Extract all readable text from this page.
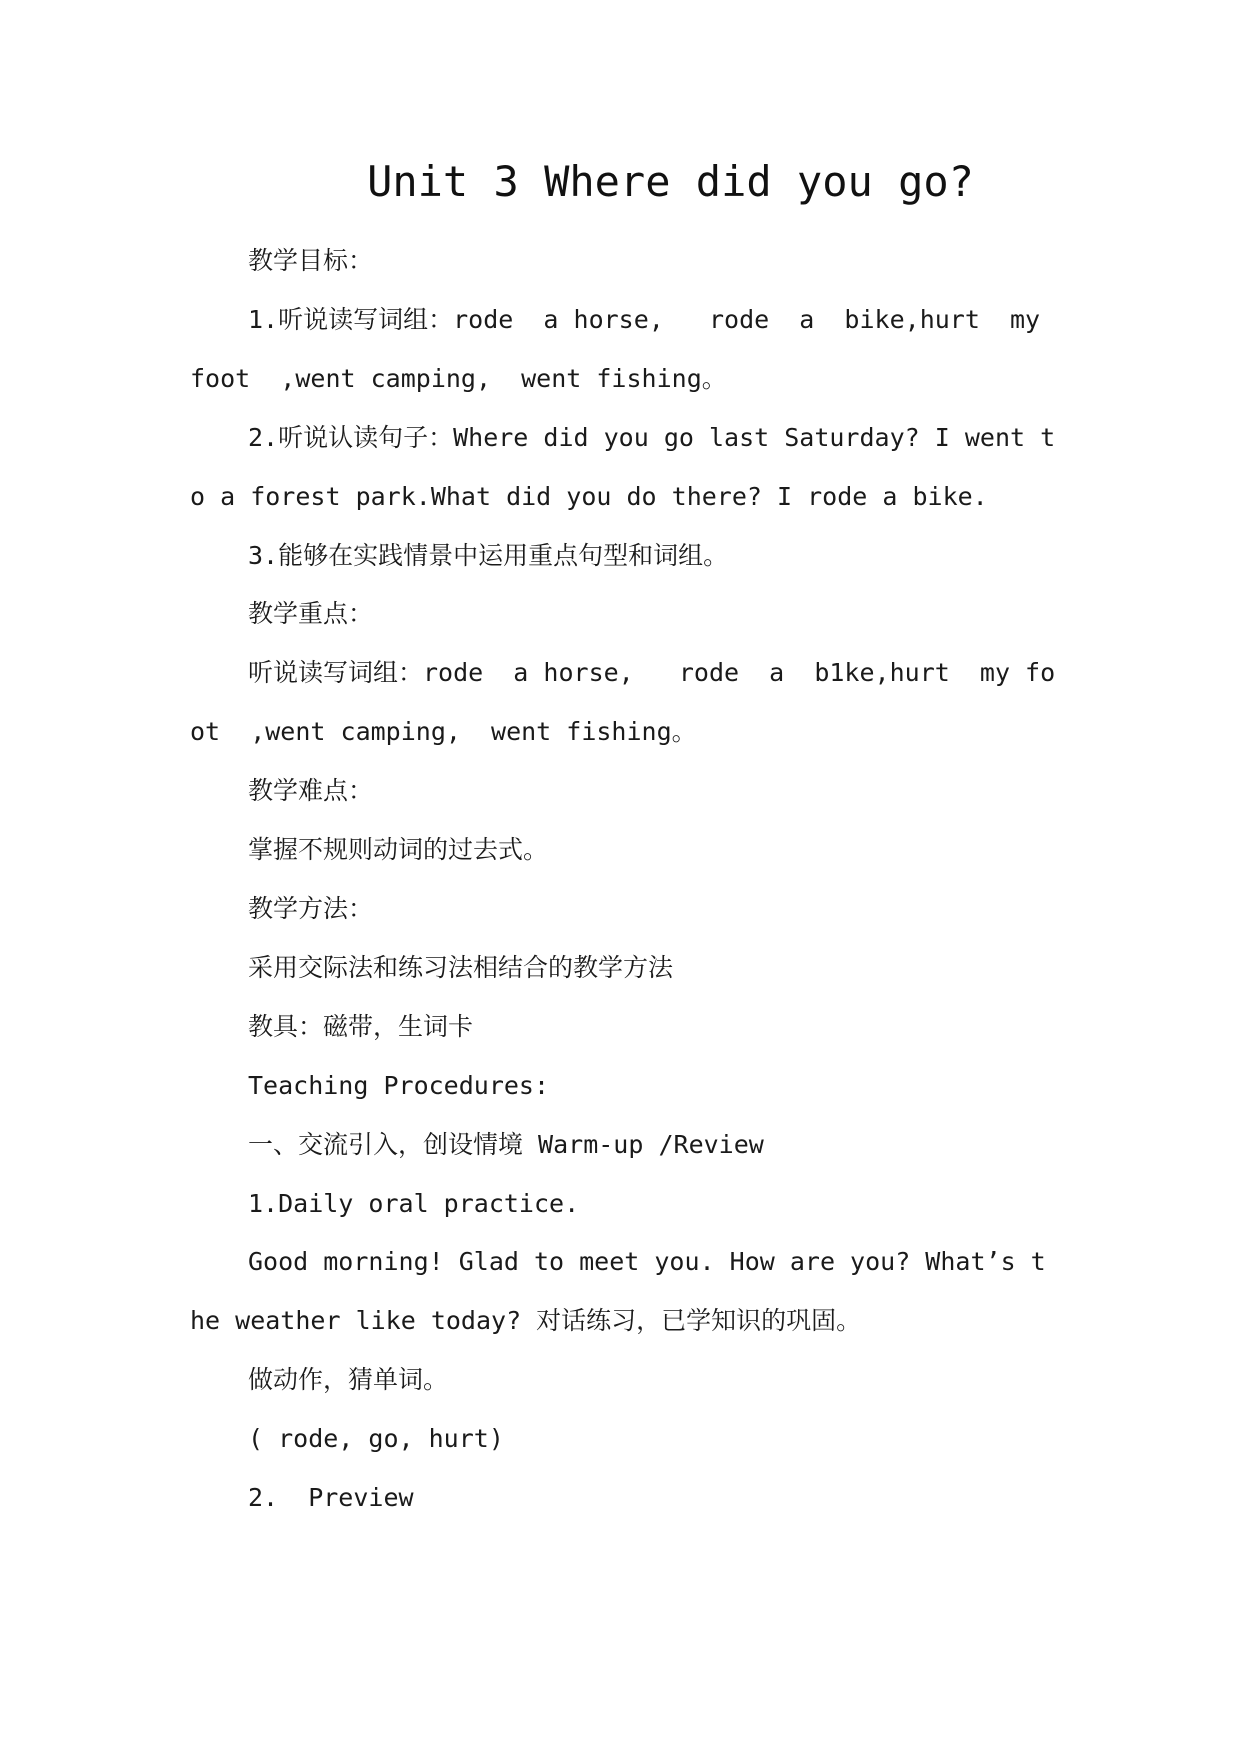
Unit 3 Where did you go?

教学目标：

1.听说读写词组：rode  a horse,   rode  a  bike,hurt  my

foot  ,went camping,  went fishing。

2.听说认读句子：Where did you go last Saturday? I went to a forest park.What did you do there? I rode a bike.

3.能够在实践情景中运用重点句型和词组。

教学重点：

听说读写词组：rode  a horse,   rode  a  b1ke,hurt  my foot  ,went camping,  went fishing。

教学难点：

掌握不规则动词的过去式。

教学方法：

采用交际法和练习法相结合的教学方法

教具：磁带，生词卡

Teaching Procedures:

一、交流引入，创设情境 Warm-up /Review

1.Daily oral practice.

Good morning! Glad to meet you. How are you? What’s the weather like today? 对话练习，已学知识的巩固。

做动作，猜单词。

( rode, go, hurt)

2.  Preview
